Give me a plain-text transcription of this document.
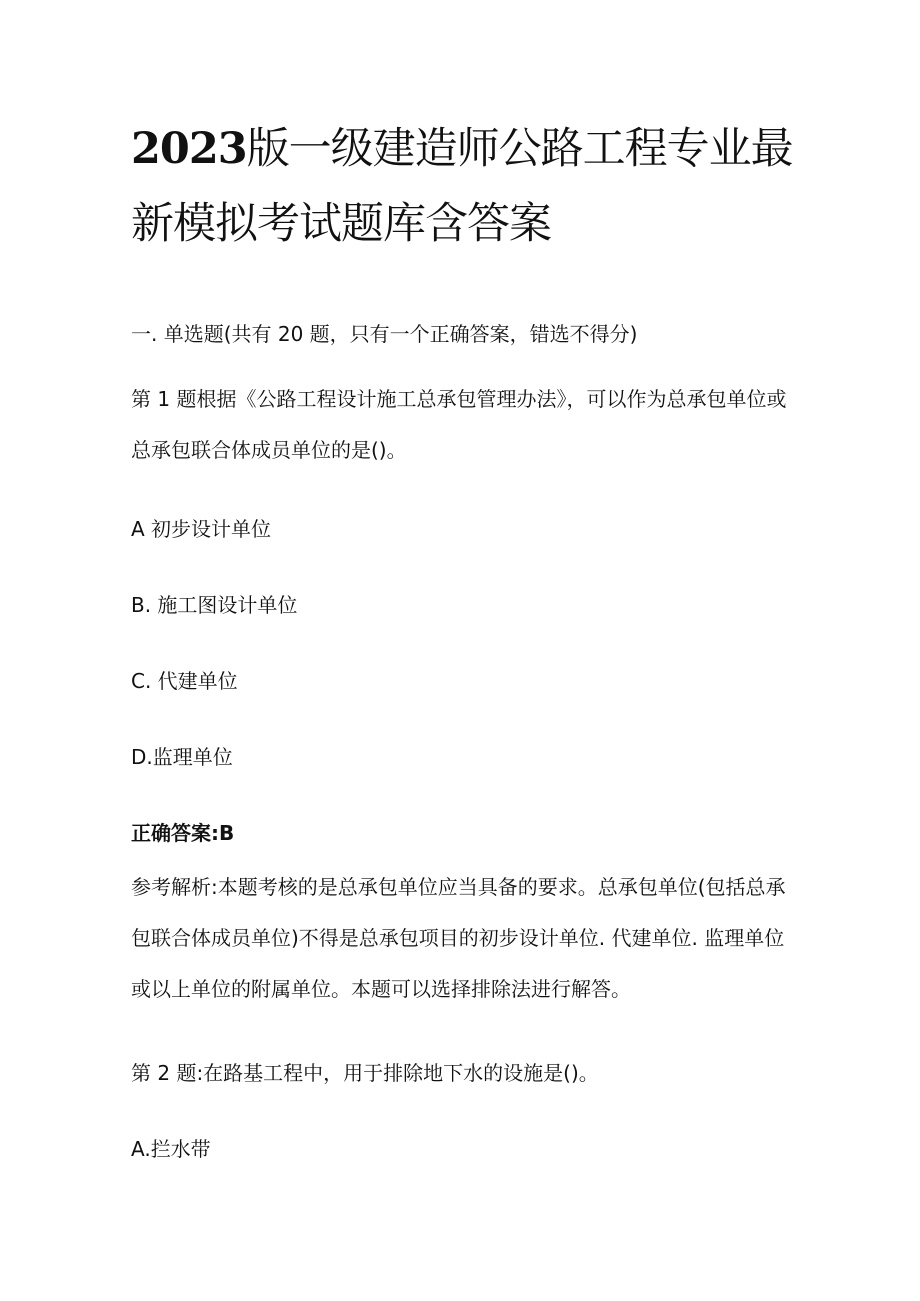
2023版一级建造师公路工程专业最新模拟考试题库含答案

一. 单选题(共有 20 题，只有一个正确答案，错选不得分)

第 1 题根据《公路工程设计施工总承包管理办法》，可以作为总承包单位或总承包联合体成员单位的是()。

A 初步设计单位

B. 施工图设计单位

C. 代建单位

D.监理单位

正确答案:B

参考解析:本题考核的是总承包单位应当具备的要求。总承包单位(包括总承包联合体成员单位)不得是总承包项目的初步设计单位. 代建单位. 监理单位或以上单位的附属单位。本题可以选择排除法进行解答。

第 2 题:在路基工程中，用于排除地下水的设施是()。

A.拦水带
